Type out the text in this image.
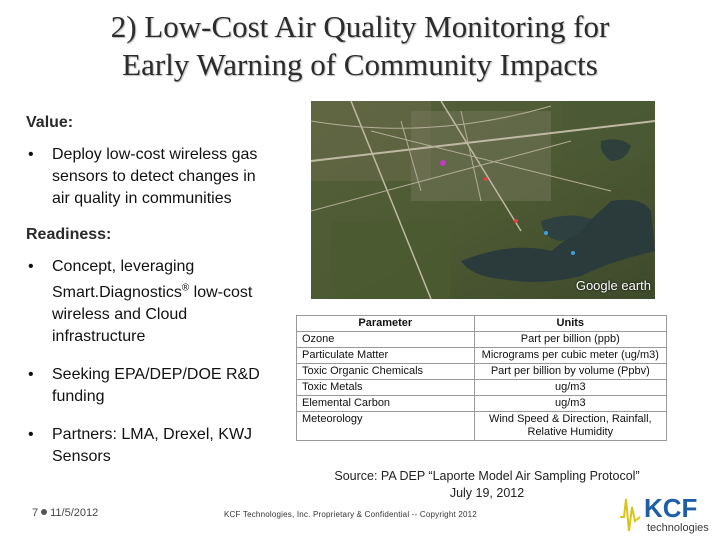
2) Low-Cost Air Quality Monitoring for
Early Warning of Community Impacts
Value:
• Deploy low-cost wireless gas sensors to detect changes in air quality in communities
Readiness:
• Concept, leveraging Smart.Diagnostics® low-cost wireless and Cloud infrastructure
• Seeking EPA/DEP/DOE R&D funding
• Partners: LMA, Drexel, KWJ Sensors
Google earth
Parameter	Units
Ozone	Part per billion (ppb)
Particulate Matter	Micrograms per cubic meter (ug/m3)
Toxic Organic Chemicals	Part per billion by volume (Ppbv)
Toxic Metals	ug/m3
Elemental Carbon	ug/m3
Meteorology	Wind Speed & Direction, Rainfall, Relative Humidity
Source: PA DEP “Laporte Model Air Sampling Protocol”
July 19, 2012
7 11/5/2012	KCF Technologies, Inc. Proprietary & Confidential -- Copyright 2012	KCF
technologies
